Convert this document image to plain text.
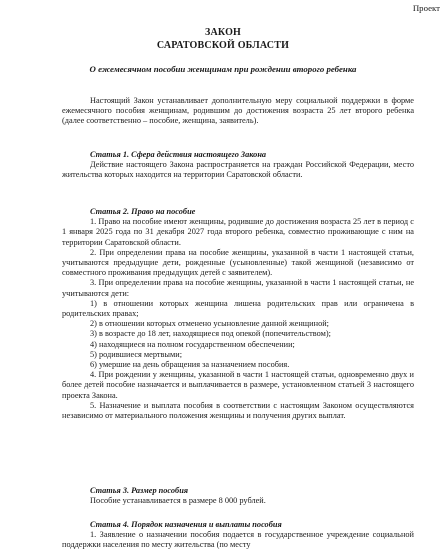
Проект
ЗАКОН
САРАТОВСКОЙ ОБЛАСТИ
О ежемесячном пособии женщинам при рождении второго ребенка

Настоящий Закон устанавливает дополнительную меру социальной поддержки в форме ежемесячного пособия женщинам, родившим до достижения возраста 25 лет второго ребенка (далее соответственно – пособие, женщина, заявитель).

Статья 1. Сфера действия настоящего Закона

Действие настоящего Закона распространяется на граждан Российской Федерации, место жительства которых находится на территории Саратовской области.

Статья 2. Право на пособие

1. Право на пособие имеют женщины, родившие до достижения возраста 25 лет в период с 1 января 2025 года по 31 декабря 2027 года второго ребенка, совместно проживающие с ним на территории Саратовской области.

2. При определении права на пособие женщины, указанной в части 1 настоящей статьи, учитываются предыдущие дети, рожденные (усыновленные) такой женщиной (независимо от совместного проживания предыдущих детей с заявителем).

3. При определении права на пособие женщины, указанной в части 1 настоящей статьи, не учитываются дети:

1) в отношении которых женщина лишена родительских прав или ограничена в родительских правах;

2) в отношении которых отменено усыновление данной женщиной;

3) в возрасте до 18 лет, находящиеся под опекой (попечительством);

4) находящиеся на полном государственном обеспечении;

5) родившиеся мертвыми;

6) умершие на день обращения за назначением пособия.

4. При рождении у женщины, указанной в части 1 настоящей статьи, одновременно двух и более детей пособие назначается и выплачивается в размере, установленном статьей 3 настоящего проекта Закона.

5. Назначение и выплата пособия в соответствии с настоящим Законом осуществляются независимо от материального положения женщины и получения других выплат.

Статья 3. Размер пособия

Пособие устанавливается в размере 8 000 рублей.

Статья 4. Порядок назначения и выплаты пособия

1. Заявление о назначении пособия подается в государственное учреждение социальной поддержки населения по месту жительства (по месту
